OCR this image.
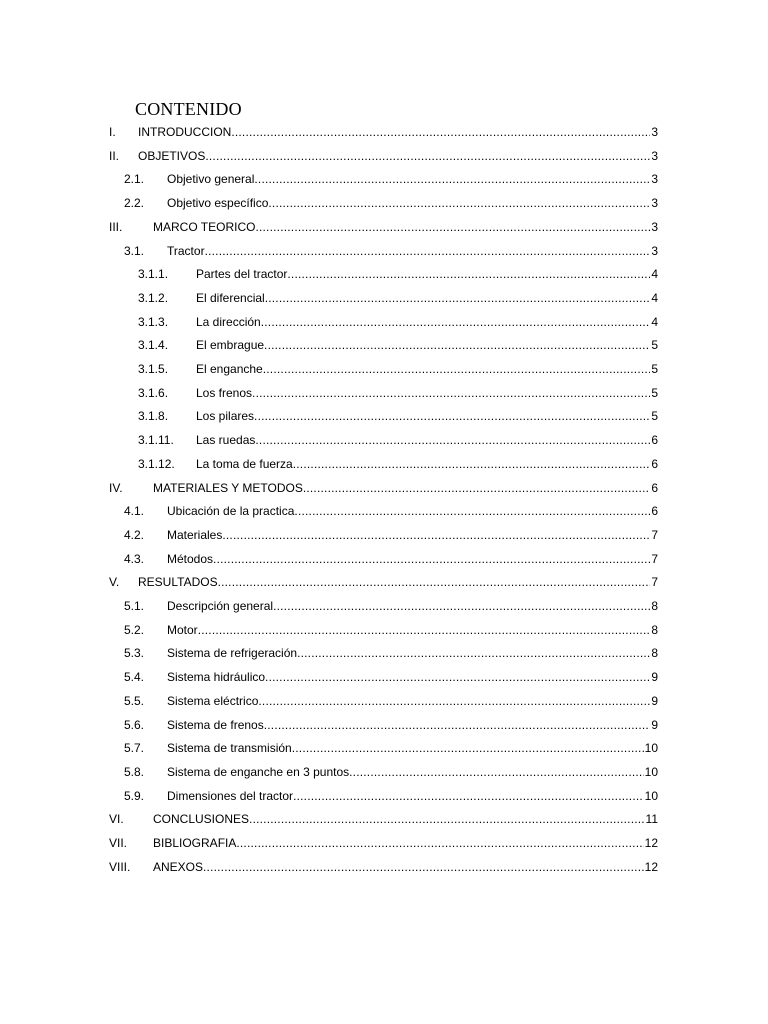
CONTENIDO
I. INTRODUCCION .....	3
II. OBJETIVOS .....	3
2.1. Objetivo general .....	3
2.2. Objetivo específico .....	3
III.	MARCO TEORICO .....	3
3.1. Tractor .....	3
3.1.1. Partes del tractor .....	4
3.1.2. El diferencial .....	4
3.1.3. La dirección .....	4
3.1.4. El embrague .....	5
3.1.5. El enganche .....	5
3.1.6. Los frenos .....	5
3.1.8. Los pilares .....	5
3.1.11. Las ruedas .....	6
3.1.12. La toma de fuerza .....	6
IV.	MATERIALES Y METODOS .....	6
4.1. Ubicación de la practica .....	6
4.2. Materiales .....	7
4.3. Métodos .....	7
V. RESULTADOS .....	7
5.1. Descripción general .....	8
5.2. Motor .....	8
5.3. Sistema de refrigeración .....	8
5.4. Sistema hidráulico .....	9
5.5. Sistema eléctrico .....	9
5.6. Sistema de frenos .....	9
5.7. Sistema de transmisión .....	10
5.8. Sistema de enganche en 3 puntos .....	10
5.9. Dimensiones del tractor .....	10
VI. CONCLUSIONES .....	11
VII. BIBLIOGRAFIA .....	12
VIII. ANEXOS .....	12
